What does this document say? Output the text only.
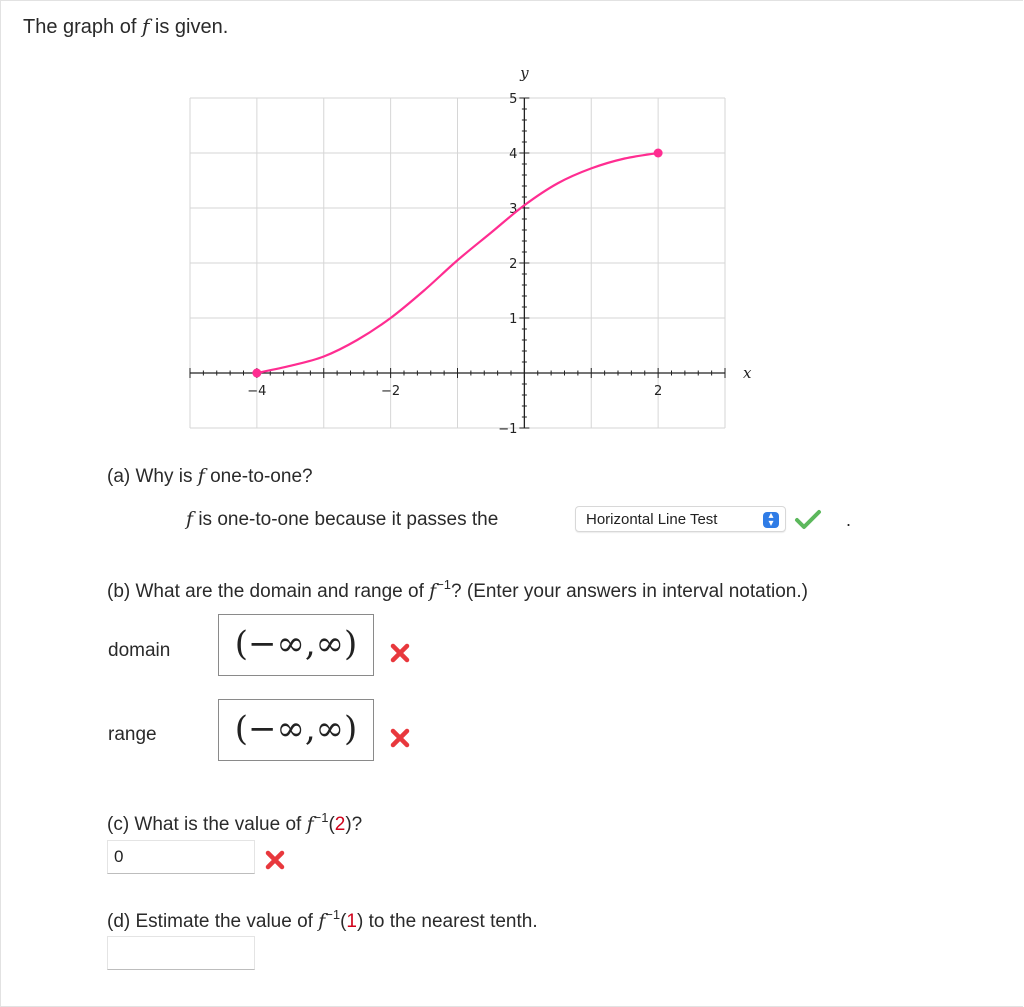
The graph of f is given.
−4	−2	2
−1
1
2
3
4
5
x
y
(a) Why is f one-to-one?
f is one-to-one because it passes the	Horizontal Line Test	▴
▾	.
(b) What are the domain and range of $f^{-1}$? (Enter your answers in interval notation.)
domain	(−∞,∞)
range	(−∞,∞)
(c) What is the value of $f^{-1}(2)$?
0
(d) Estimate the value of $f^{-1}(1)$ to the nearest tenth.
